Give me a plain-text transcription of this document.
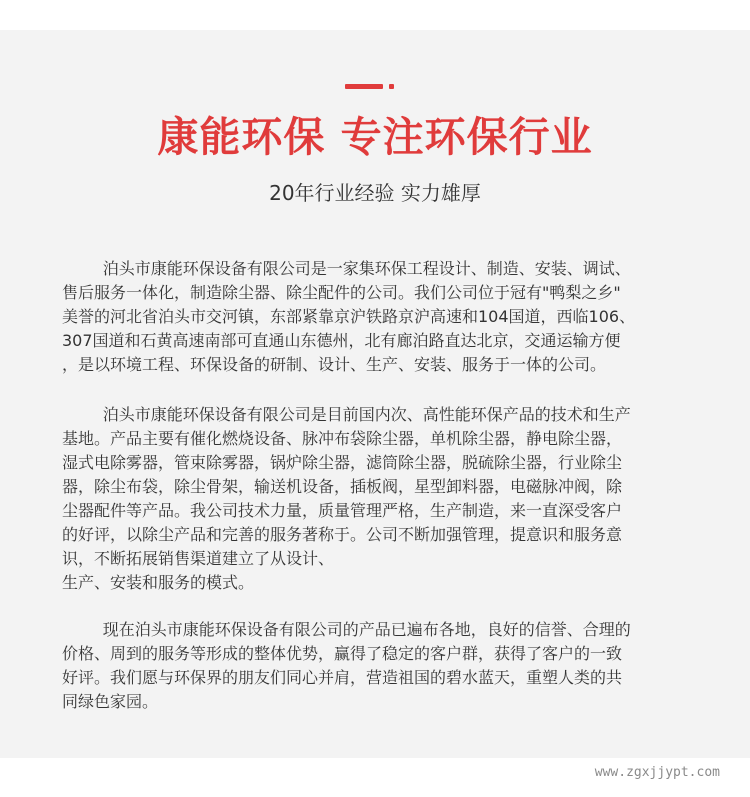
康能环保 专注环保行业
20年行业经验 实力雄厚

泊头市康能环保设备有限公司是一家集环保工程设计、制造、安装、调试、
售后服务一体化，制造除尘器、除尘配件的公司。我们公司位于冠有"鸭梨之乡"
美誉的河北省泊头市交河镇，东部紧靠京沪铁路京沪高速和104国道，西临106、
307国道和石黄高速南部可直通山东德州，北有廊泊路直达北京，交通运输方便
，是以环境工程、环保设备的研制、设计、生产、安装、服务于一体的公司。

泊头市康能环保设备有限公司是目前国内次、高性能环保产品的技术和生产
基地。产品主要有催化燃烧设备、脉冲布袋除尘器，单机除尘器，静电除尘器，
湿式电除雾器，管束除雾器，锅炉除尘器，滤筒除尘器，脱硫除尘器，行业除尘
器，除尘布袋，除尘骨架，输送机设备，插板阀，星型卸料器，电磁脉冲阀，除
尘器配件等产品。我公司技术力量，质量管理严格，生产制造，来一直深受客户
的好评，以除尘产品和完善的服务著称于。公司不断加强管理，提意识和服务意
识，不断拓展销售渠道建立了从设计、
生产、安装和服务的模式。

现在泊头市康能环保设备有限公司的产品已遍布各地，良好的信誉、合理的
价格、周到的服务等形成的整体优势，赢得了稳定的客户群，获得了客户的一致
好评。我们愿与环保界的朋友们同心并肩，营造祖国的碧水蓝天，重塑人类的共
同绿色家园。

www.zgxjjypt.com
